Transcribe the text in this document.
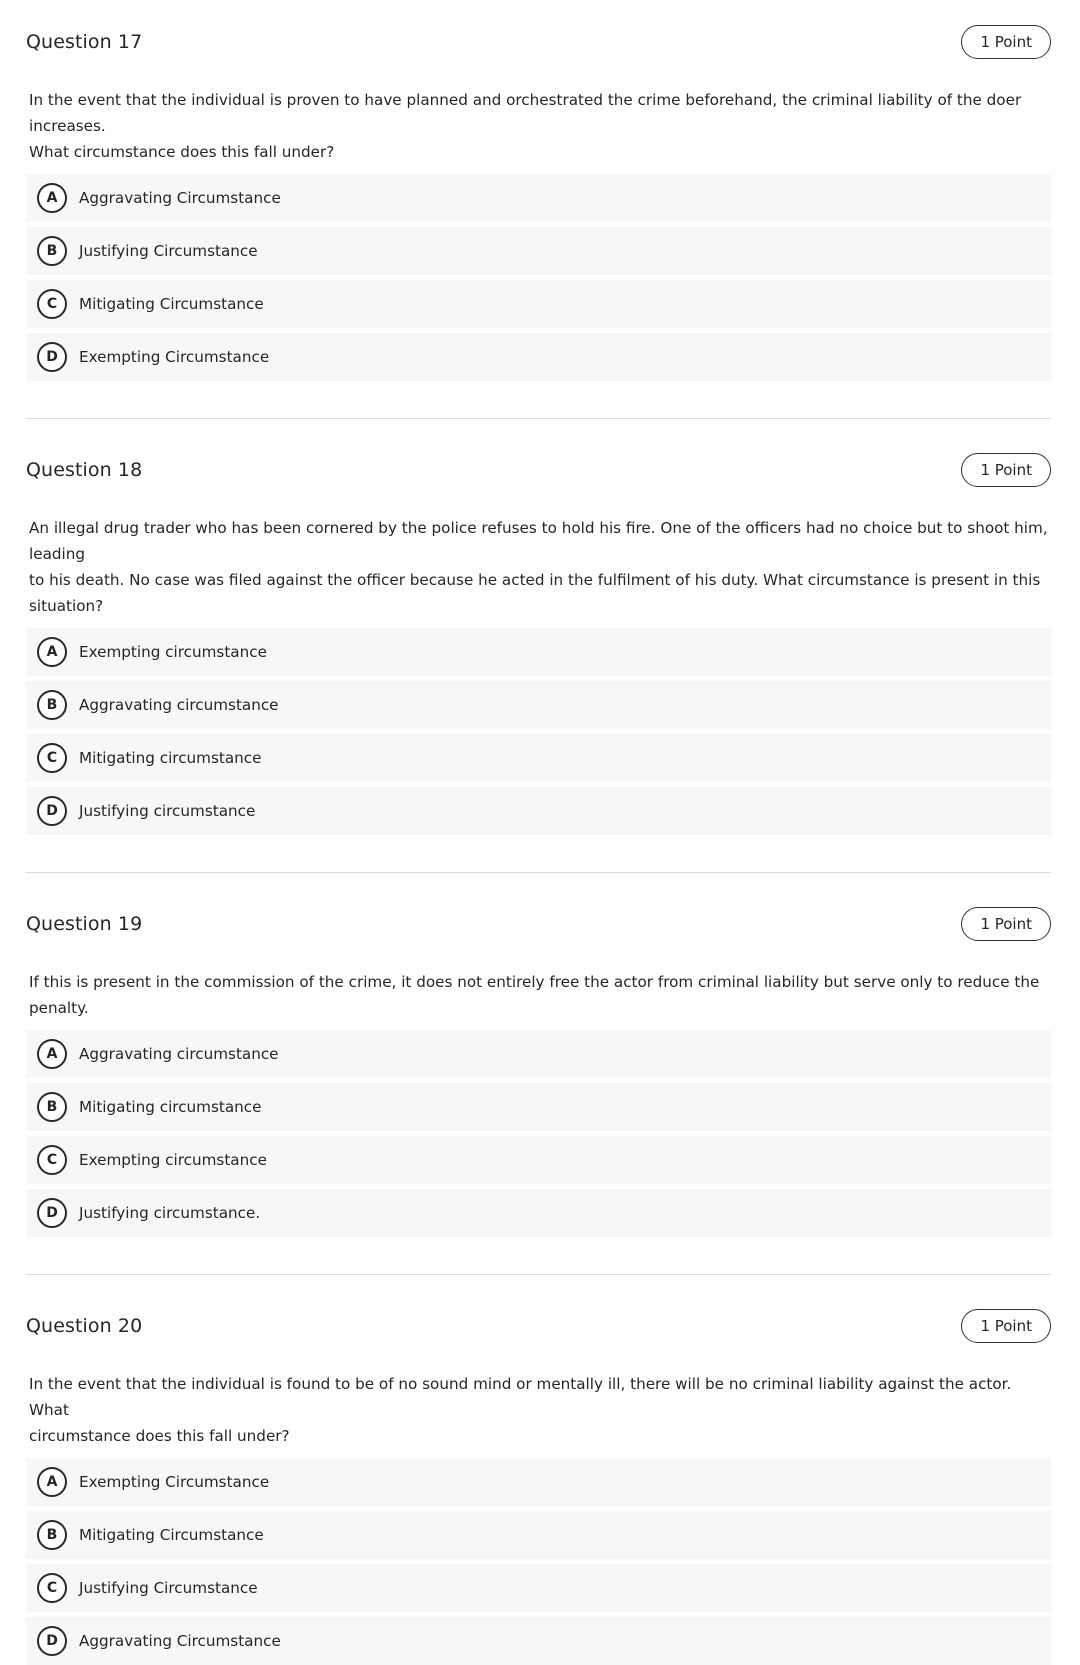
Question 17	1 Point
In the event that the individual is proven to have planned and orchestrated the crime beforehand, the criminal liability of the doer increases.
What circumstance does this fall under?
A	Aggravating Circumstance
B	Justifying Circumstance
C	Mitigating Circumstance
D	Exempting Circumstance
Question 18	1 Point
An illegal drug trader who has been cornered by the police refuses to hold his fire. One of the officers had no choice but to shoot him, leading
to his death. No case was filed against the officer because he acted in the fulfilment of his duty. What circumstance is present in this situation?
A	Exempting circumstance
B	Aggravating circumstance
C	Mitigating circumstance
D	Justifying circumstance
Question 19	1 Point
If this is present in the commission of the crime, it does not entirely free the actor from criminal liability but serve only to reduce the penalty.
A	Aggravating circumstance
B	Mitigating circumstance
C	Exempting circumstance
D	Justifying circumstance.
Question 20	1 Point
In the event that the individual is found to be of no sound mind or mentally ill, there will be no criminal liability against the actor. What
circumstance does this fall under?
A	Exempting Circumstance
B	Mitigating Circumstance
C	Justifying Circumstance
D	Aggravating Circumstance
